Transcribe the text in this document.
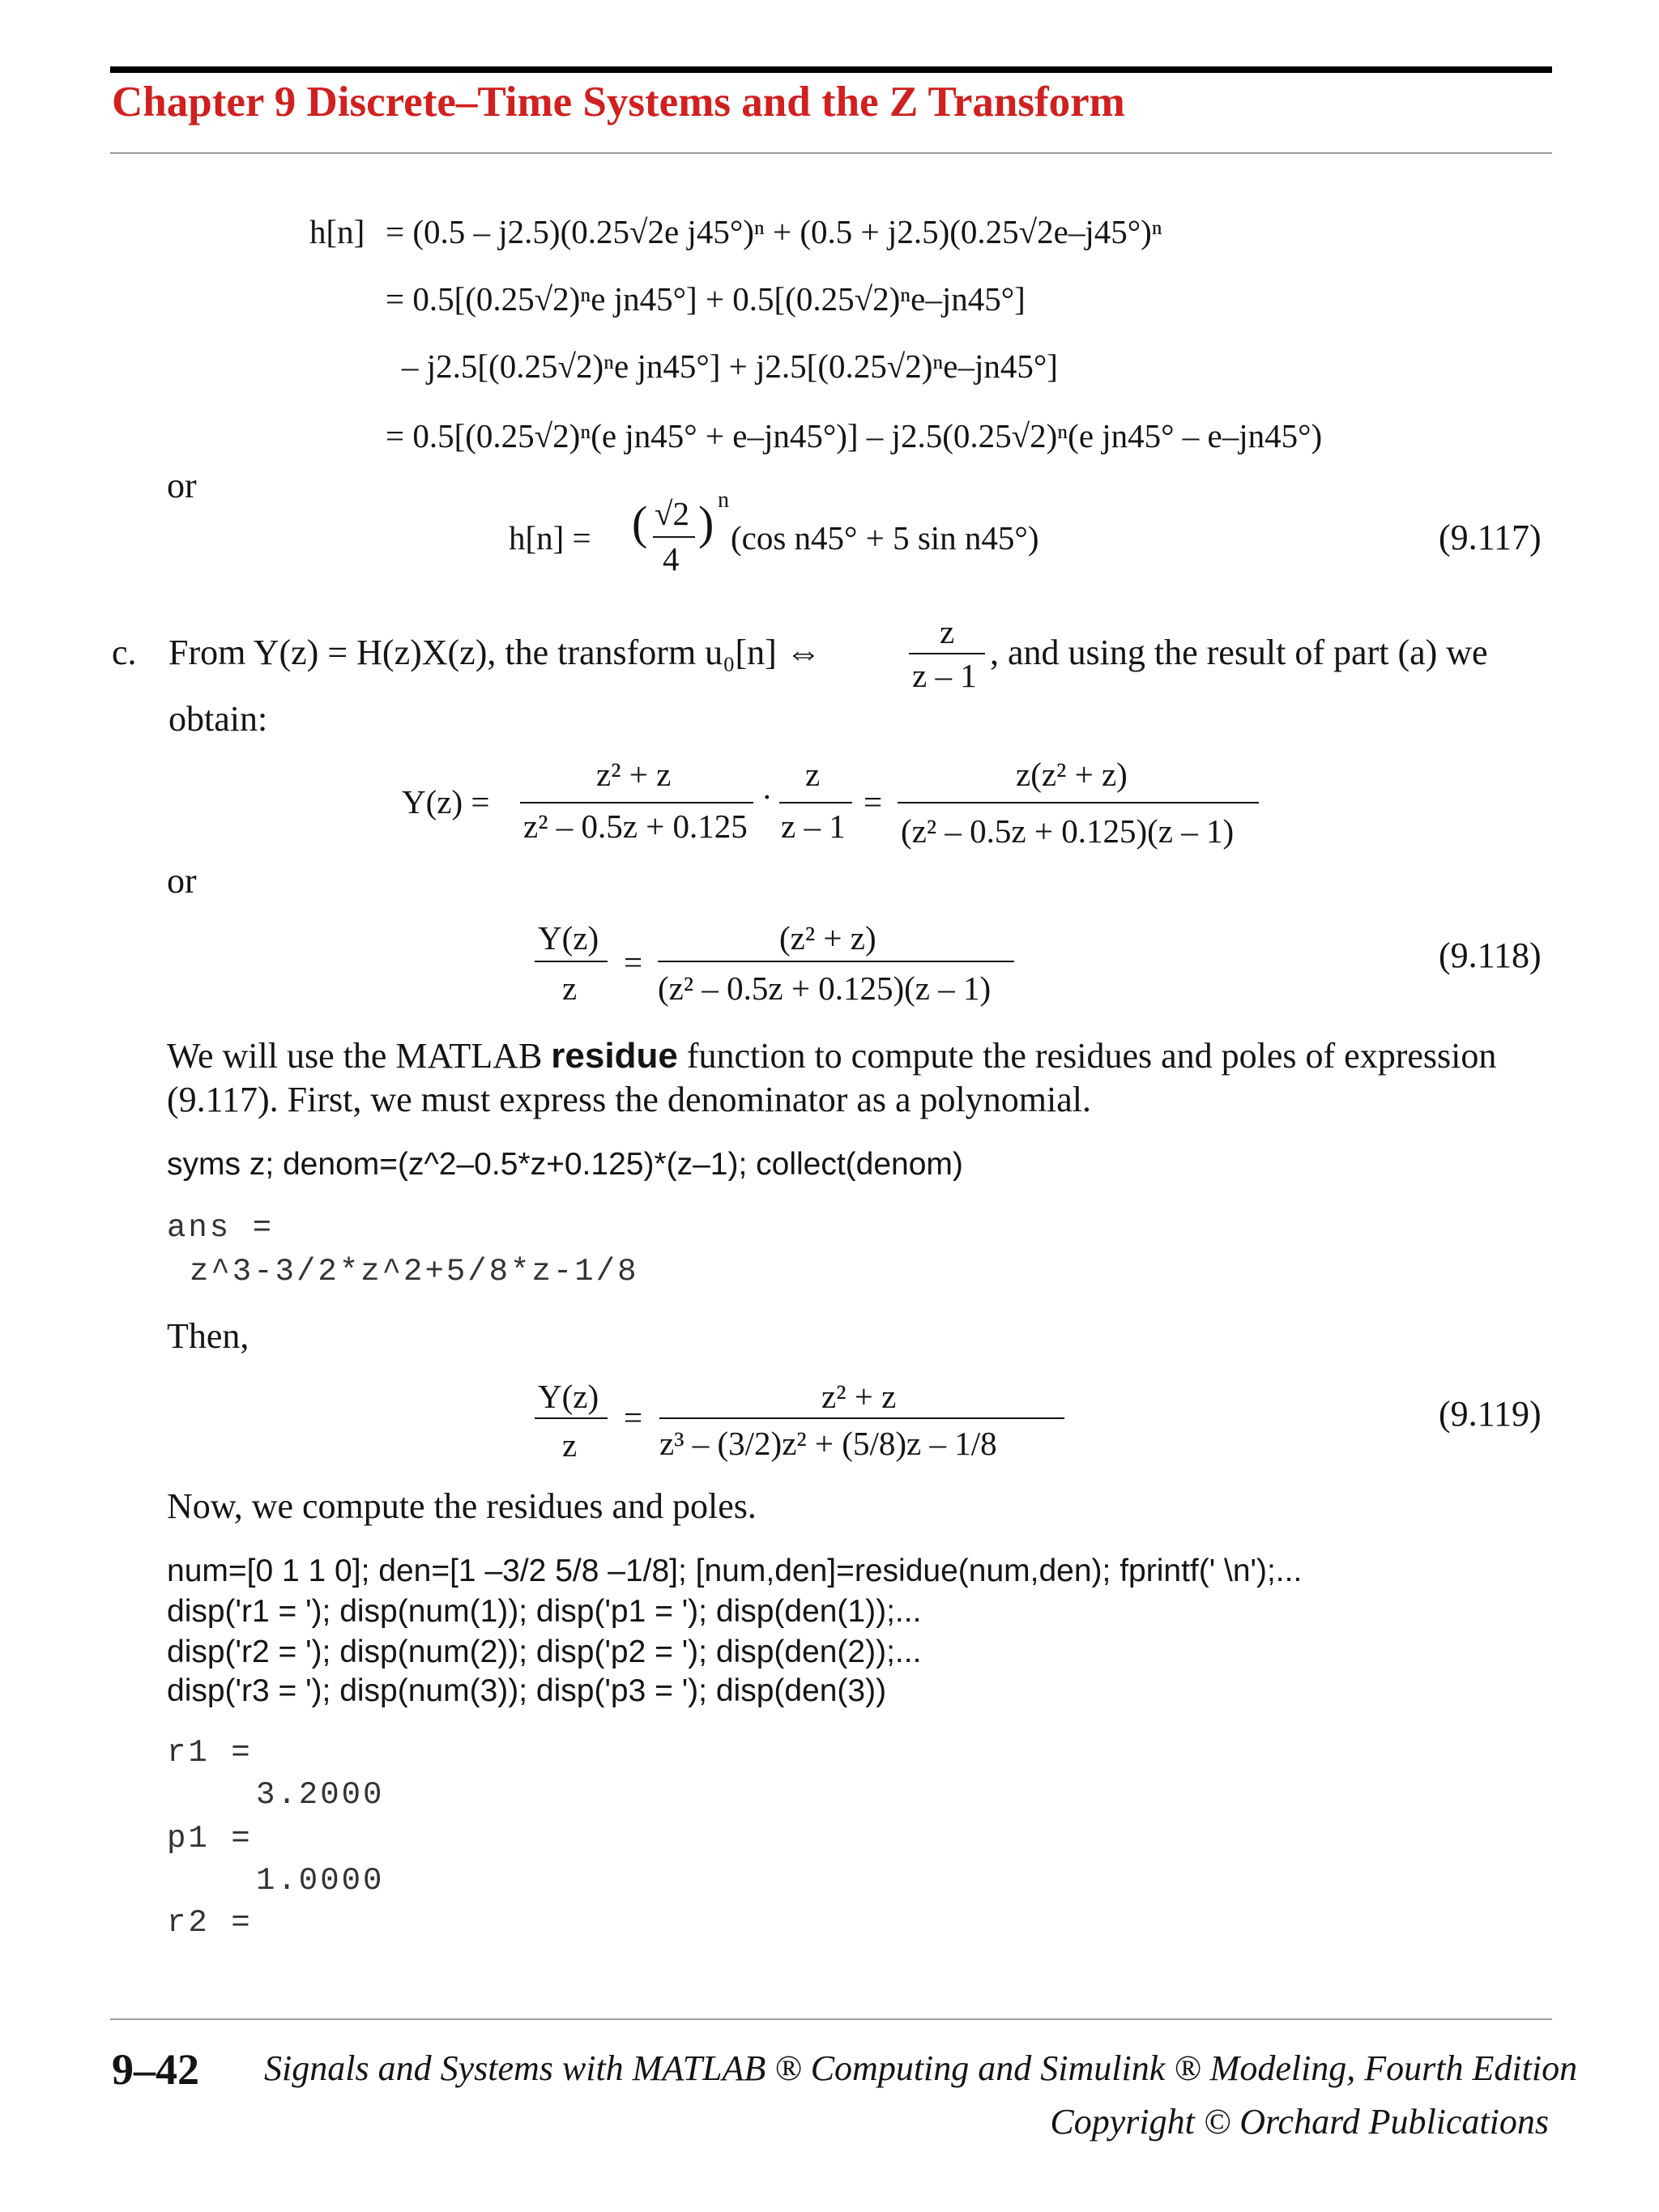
Chapter 9 Discrete–Time Systems and the Z Transform
h[n] = (0.5 – j2.5)(0.25√2e j45°)ⁿ + (0.5 + j2.5)(0.25√2e–j45°)ⁿ
= 0.5[(0.25√2)ⁿe jn45°] + 0.5[(0.25√2)ⁿe–jn45°]
– j2.5[(0.25√2)ⁿe jn45°] + j2.5[(0.25√2)ⁿe–jn45°]
= 0.5[(0.25√2)ⁿ(e jn45° + e–jn45°)] – j2.5(0.25√2)ⁿ(e jn45° – e–jn45°)
or
h[n] = ( √2
4
) n
(cos n45° + 5 sin n45°)	(9.117)
c. From Y(z) = H(z)X(z), the transform u₀[n] ⇔
z
z – 1
, and using the result of part (a) we
obtain:
Y(z) =
z² + z
z² – 0.5z + 0.125
·
z
z – 1
=
z(z² + z)
(z² – 0.5z + 0.125)(z – 1)
or
Y(z)
z
=
(z² + z)
(z² – 0.5z + 0.125)(z – 1)
(9.118)
We will use the MATLAB residue function to compute the residues and poles of expression
(9.117). First, we must express the denominator as a polynomial.
syms z; denom=(z^2–0.5*z+0.125)*(z–1); collect(denom)
ans =
z^3-3/2*z^2+5/8*z-1/8
Then,
Y(z)
z
=
z² + z
z³ – (3/2)z² + (5/8)z – 1/8
(9.119)
Now, we compute the residues and poles.
num=[0 1 1 0]; den=[1 –3/2 5/8 –1/8]; [num,den]=residue(num,den); fprintf(' \n');...
disp('r1 = '); disp(num(1)); disp('p1 = '); disp(den(1));...
disp('r2 = '); disp(num(2)); disp('p2 = '); disp(den(2));...
disp('r3 = '); disp(num(3)); disp('p3 = '); disp(den(3))
r1 =
3.2000
p1 =
1.0000
r2 =
9–42 Signals and Systems with MATLAB ® Computing and Simulink ® Modeling, Fourth Edition
Copyright © Orchard Publications
